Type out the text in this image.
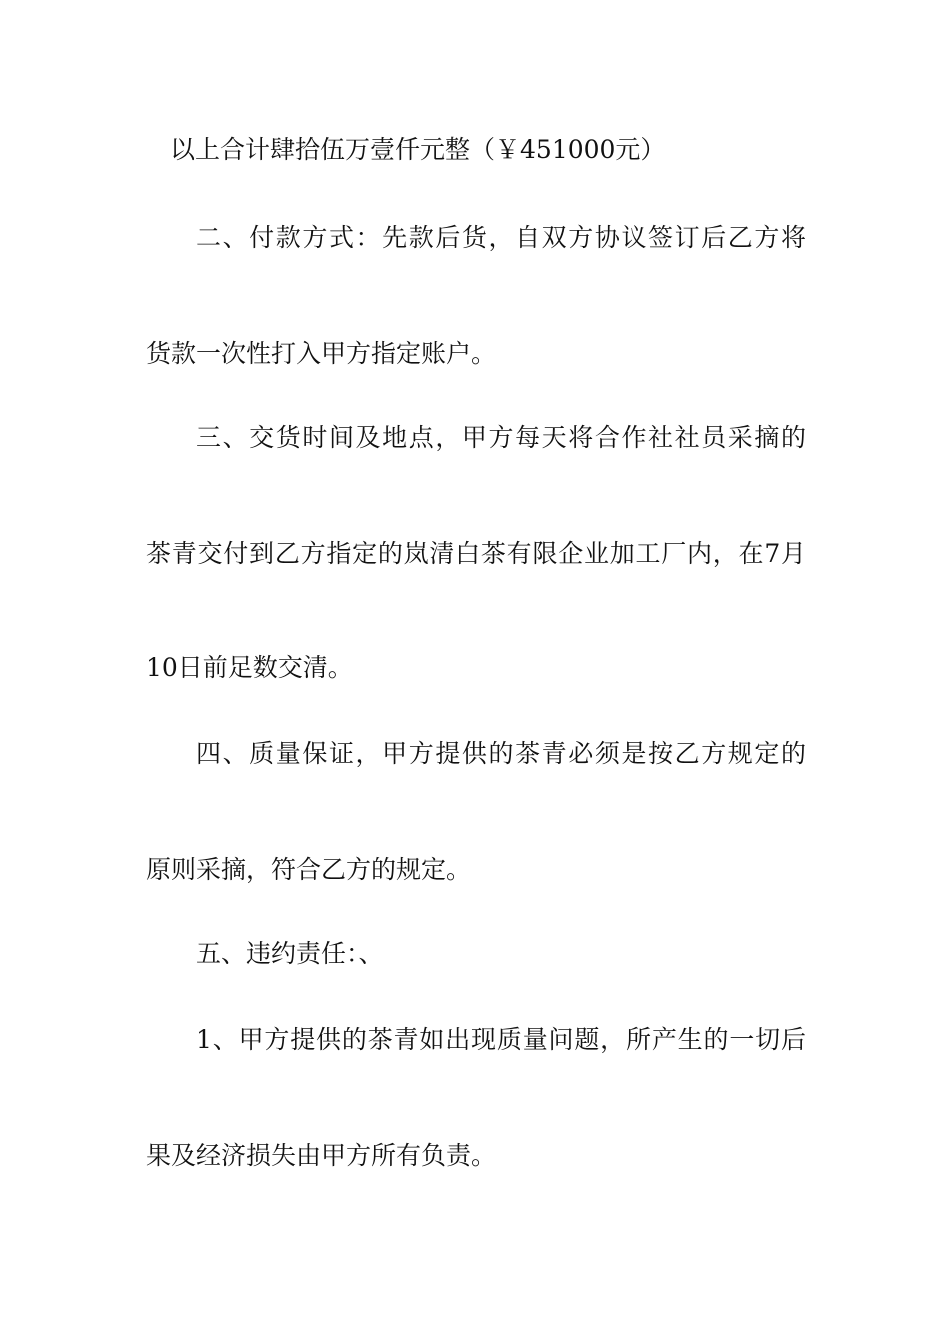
以上合计肆拾伍万壹仟元整（￥451000元）
二、付款方式：先款后货，自双方协议签订后乙方将
货款一次性打入甲方指定账户。
三、交货时间及地点，甲方每天将合作社社员采摘的
茶青交付到乙方指定的岚清白茶有限企业加工厂内，在7月
10日前足数交清。
四、质量保证，甲方提供的茶青必须是按乙方规定的
原则采摘，符合乙方的规定。
五、违约责任：、
1、甲方提供的茶青如出现质量问题，所产生的一切后
果及经济损失由甲方所有负责。
